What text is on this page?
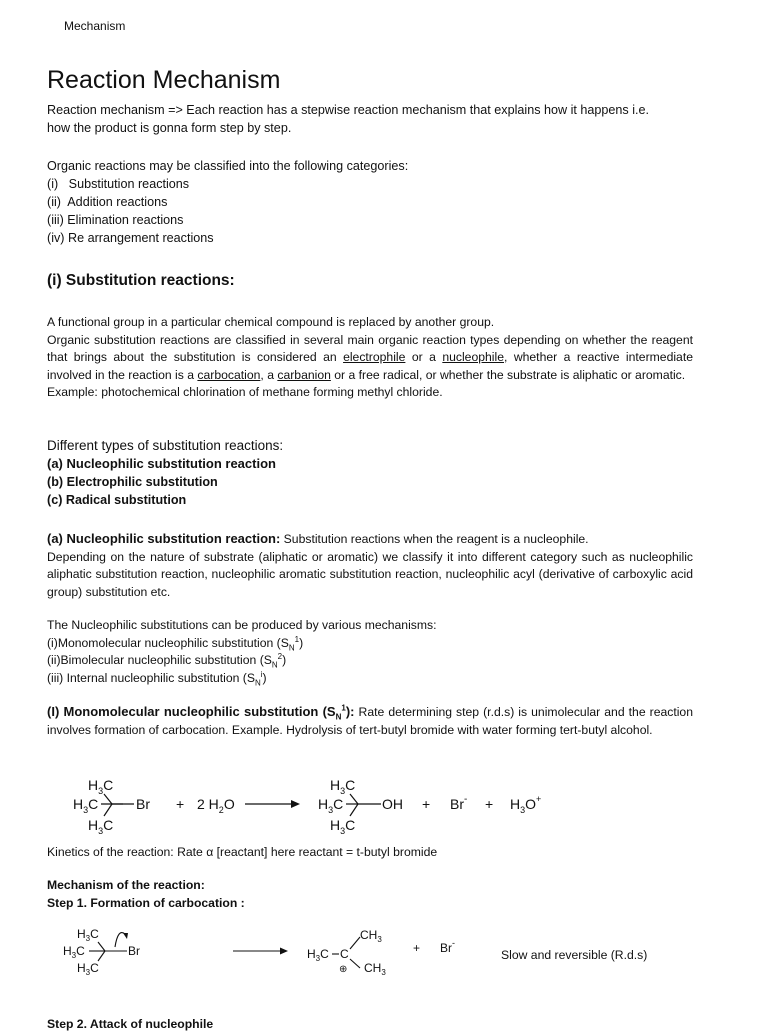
Mechanism
Reaction Mechanism
Reaction mechanism => Each reaction has a stepwise reaction mechanism that explains how it happens i.e.
how the product is gonna form step by step.
Organic reactions may be classified into the following categories:
(i)   Substitution reactions
(ii)  Addition reactions
(iii) Elimination reactions
(iv) Re arrangement reactions
(i) Substitution reactions:
A functional group in a particular chemical compound is replaced by another group.
Organic substitution reactions are classified in several main organic reaction types depending on whether the reagent that brings about the substitution is considered an electrophile or a nucleophile, whether a reactive intermediate involved in the reaction is a carbocation, a carbanion or a free radical, or whether the substrate is aliphatic or aromatic.
Example: photochemical chlorination of methane forming methyl chloride.
Different types of substitution reactions:
(a) Nucleophilic substitution reaction
(b) Electrophilic substitution
(c) Radical substitution
(a) Nucleophilic substitution reaction: Substitution reactions when the reagent is a nucleophile.
Depending on the nature of substrate (aliphatic or aromatic) we classify it into different category such as nucleophilic aliphatic substitution reaction, nucleophilic aromatic substitution reaction, nucleophilic acyl (derivative of carboxylic acid group) substitution etc.
The Nucleophilic substitutions can be produced by various mechanisms:
(i)Monomolecular nucleophilic substitution $(S_N^1)$
(ii)Bimolecular nucleophilic substitution $(S_N^2)$
(iii) Internal nucleophilic substitution $(S_N^i)$
(I) Monomolecular nucleophilic substitution $(S_N^1)$: Rate determining step (r.d.s) is unimolecular and the reaction involves formation of carbocation. Example. Hydrolysis of tert-butyl bromide with water forming tert-butyl alcohol.
$H_3C$
$H_3C$
$H_3C$
Br + 2 $H_2O$
$H_3C$
$H_3C$
$H_3C$
OH + $Br^- + H_3O^+$
Kinetics of the reaction: Rate α [reactant] here reactant = t-butyl bromide
Mechanism of the reaction:
Step 1. Formation of carbocation :
$H_3C$
$H_3C$
$H_3C$
Br	$H_3C$ C
$CH_3$
$CH_3$
⊕
+ Br-
Slow and reversible (R.d.s)
Step 2. Attack of nucleophile
